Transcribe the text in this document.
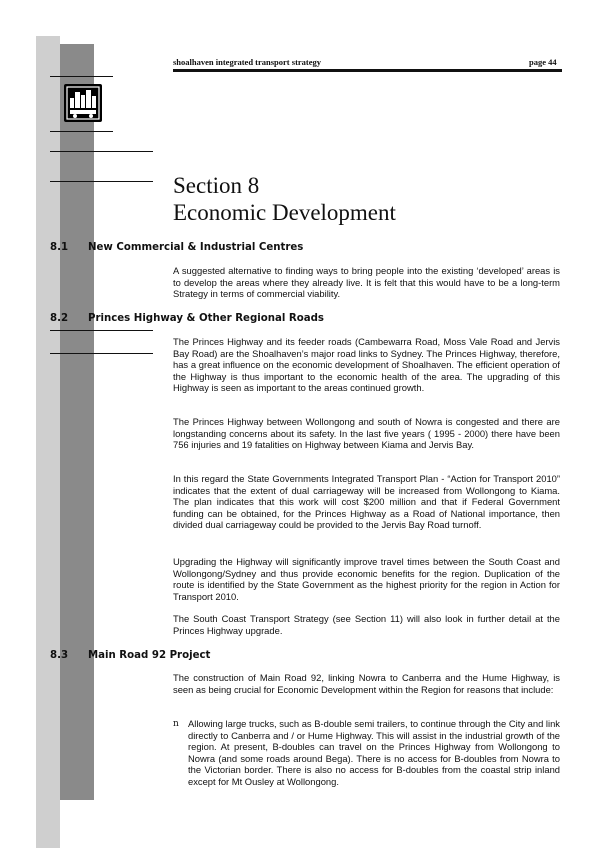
shoalhaven integrated transport strategy	page 44
Section 8
Economic Development
8.1 New Commercial & Industrial Centres

A suggested alternative to finding ways to bring people into the existing ‘developed’ areas is to develop the areas where they already live. It is felt that this would have to be a long-term Strategy in terms of commercial viability.

8.2 Princes Highway & Other Regional Roads

The Princes Highway and its feeder roads (Cambewarra Road, Moss Vale Road and Jervis Bay Road) are the Shoalhaven’s major road links to Sydney. The Princes Highway, therefore, has a great influence on the economic development of Shoalhaven. The efficient operation of the Highway is thus important to the economic health of the area. The upgrading of this Highway is seen as important to the areas continued growth.

The Princes Highway between Wollongong and south of Nowra is congested and there are longstanding concerns about its safety. In the last five years ( 1995 - 2000) there have been 756 injuries and 19 fatalities on Highway between Kiama and Jervis Bay.

In this regard the State Governments Integrated Transport Plan - “Action for Transport 2010” indicates that the extent of dual carriageway will be increased from Wollongong to Kiama. The plan indicates that this work will cost $200 million and that if Federal Government funding can be obtained, for the Princes Highway as a Road of National importance, then divided dual carriageway could be provided to the Jervis Bay Road turnoff.

Upgrading the Highway will significantly improve travel times between the South Coast and Wollongong/Sydney and thus provide economic benefits for the region. Duplication of the route is identified by the State Government as the highest priority for the region in Action for Transport 2010.

The South Coast Transport Strategy (see Section 11) will also look in further detail at the Princes Highway upgrade.

8.3 Main Road 92 Project

The construction of Main Road 92, linking Nowra to Canberra and the Hume Highway, is seen as being crucial for Economic Development within the Region for reasons that include:

n Allowing large trucks, such as B-double semi trailers, to continue through the City and link directly to Canberra and / or Hume Highway. This will assist in the industrial growth of the region. At present, B-doubles can travel on the Princes Highway from Wollongong to Nowra (and some roads around Bega). There is no access for B-doubles from Nowra to the Victorian border. There is also no access for B-doubles from the coastal strip inland except for Mt Ousley at Wollongong.
